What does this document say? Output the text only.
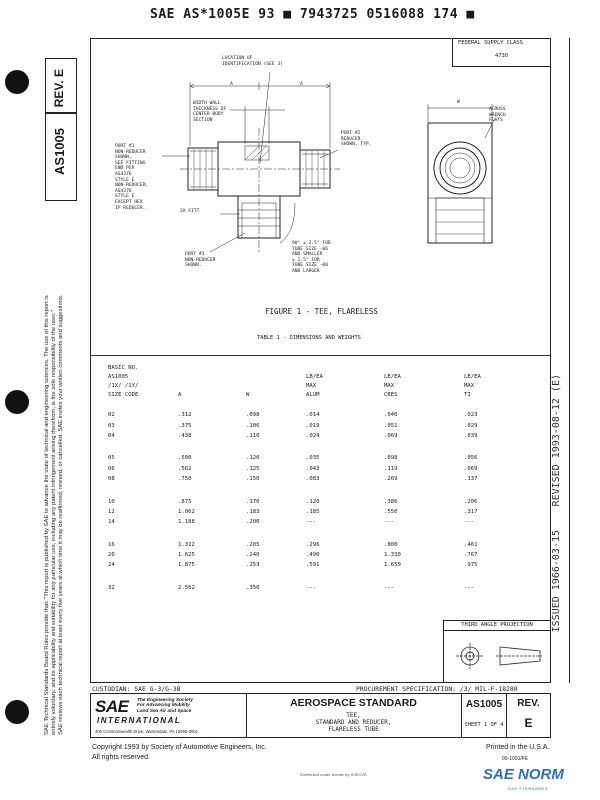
SAE AS*1005E 93 ■ 7943725 0516088 174 ■
REV. E
AS1005
SAE Technical Standards Board Rules provide that: "This report is published by SAE to advance the state of technical and engineering sciences. The use of this report is entirely voluntary, and its applicability and suitability for any particular use, including any patent infringement arising therefrom, is the sole responsibility of the user." SAE reviews each technical report at least every five years at which time it may be reaffirmed, revised, or cancelled. SAE invites your written comments and suggestions.
FEDERAL SUPPLY CLASS
4730
LOCATION OF
IDENTIFICATION (SEE 3)
WIDTH WALL
THICKNESS OF
CENTER BODY
SECTION
PORT #1
NON-REDUCER
SHOWN,
SEE FITTING
END PER
AS4376
STYLE E
NON-REDUCER;
AS4376
STYLE E
EXCEPT HEX
IF REDUCER.
PORT #2
REDUCER
SHOWN, TYP.
PORT #3
NON-REDUCER
SHOWN.
90° ± 2.5° FOR
TUBE SIZE -06
AND SMALLER
± 1.5° FOR
TUBE SIZE -08
AND LARGER
ACROSS
WRENCH
FLATS
3X FITT
A	A
W
FIGURE 1 - TEE, FLARELESS
TABLE 1 - DIMENSIONS AND WEIGHTS
BASIC NO.					
AS1005			LB/EA	LB/EA	LB/EA
/1X/ /1Y/			MAX	MAX	MAX
SIZE CODE	A	W	ALUM	CRES	TI

02	.312	.098	.014	.040	.023
03	.375	.106	.019	.051	.029
04	.438	.110	.024	.069	.039

05	.500	.120	.035	.098	.056
06	.562	.125	.043	.119	.069
08	.750	.150	.083	.269	.137

10	.875	.170	.120	.386	.206
12	1.062	.183	.185	.550	.317
14	1.188	.200	---	---	---

16	1.312	.205	.296	.800	.461
20	1.625	.240	.490	1.330	.767
24	1.875	.253	.591	1.650	.975

32	2.562	.350	---	---	---
REVISED 1993-08-12 (E)
ISSUED 1966-03-15
THIRD ANGLE PROJECTION
CUSTODIAN: SAE G-3/G-3B	PROCUREMENT SPECIFICATION: /3/ MIL-F-18280
SAE The Engineering Society
For Advancing Mobility
Land Sea Air and Space
INTERNATIONAL
400 Commonwealth Drive, Warrendale, PA 15096-0001
AEROSPACE STANDARD
TEE,
STANDARD AND REDUCER,
FLARELESS TUBE
AS1005
SHEET 1 OF 4
REV.
E
Copyright 1993 by Society of Automotive Engineers, Inc.
All rights reserved.
Printed in the U.S.A.
00-1001/FE
Distributed under license by IHS/CVR	SAE NORM
SAE STANDARDS
